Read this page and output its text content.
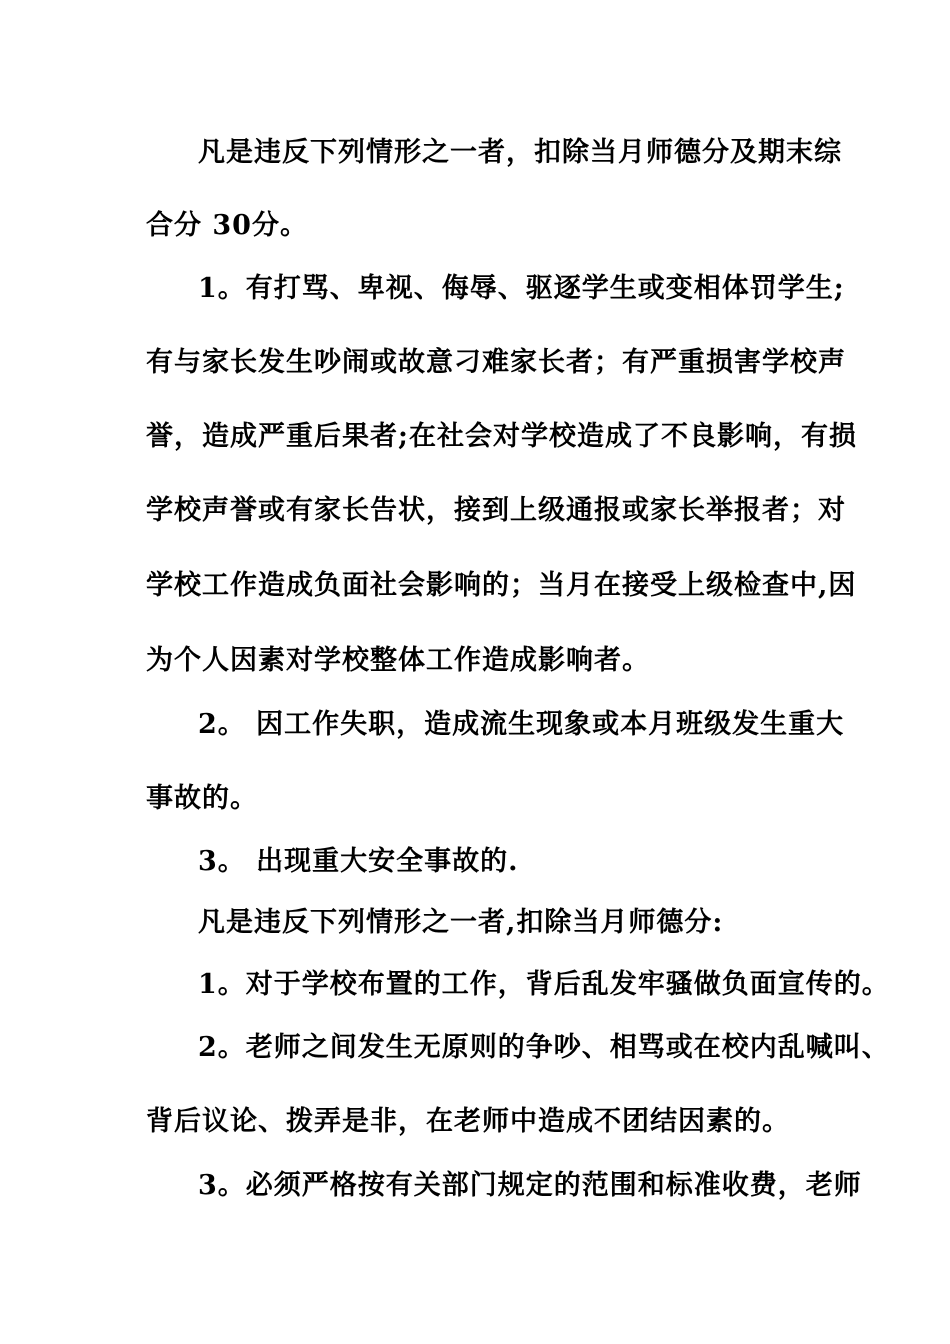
凡是违反下列情形之一者，扣除当月师德分及期末综
合分 30分。
1。有打骂、卑视、侮辱、驱逐学生或变相体罚学生;
有与家长发生吵闹或故意刁难家长者；有严重损害学校声
誉，造成严重后果者;在社会对学校造成了不良影响，有损
学校声誉或有家长告状，接到上级通报或家长举报者；对
学校工作造成负面社会影响的；当月在接受上级检查中,因
为个人因素对学校整体工作造成影响者。
2。 因工作失职，造成流生现象或本月班级发生重大
事故的。
3。 出现重大安全事故的.
凡是违反下列情形之一者,扣除当月师德分:
1。对于学校布置的工作，背后乱发牢骚做负面宣传的。
2。老师之间发生无原则的争吵、相骂或在校内乱喊叫、
背后议论、拨弄是非，在老师中造成不团结因素的。
3。必须严格按有关部门规定的范围和标准收费，老师
